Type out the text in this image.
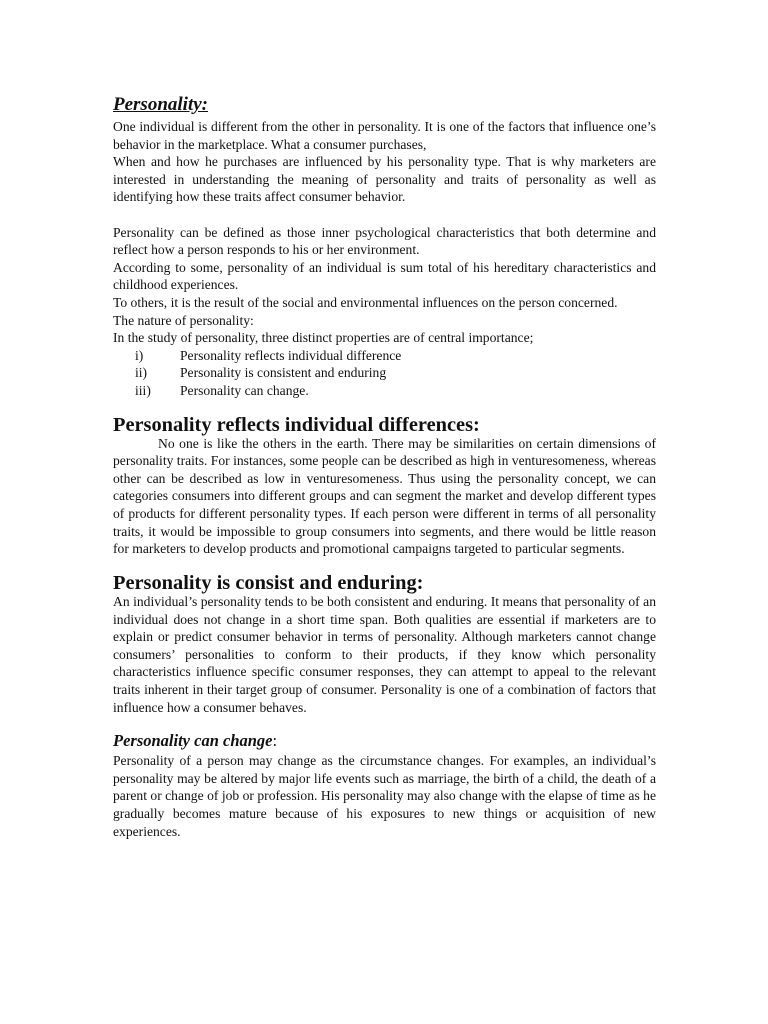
Personality:

One individual is different from the other in personality. It is one of the factors that influence one’s behavior in the marketplace. What a consumer purchases,

When and how he purchases are influenced by his personality type. That is why marketers are interested in understanding the meaning of personality and traits of personality as well as identifying how these traits affect consumer behavior.

Personality can be defined as those inner psychological characteristics that both determine and reflect how a person responds to his or her environment.

According to some, personality of an individual is sum total of his hereditary characteristics and childhood experiences.

To others, it is the result of the social and environmental influences on the person concerned.

The nature of personality:

In the study of personality, three distinct properties are of central importance;

i)	Personality reflects individual difference
ii)	Personality is consistent and enduring
iii)	Personality can change.
Personality reflects individual differences:

No one is like the others in the earth. There may be similarities on certain dimensions of personality traits. For instances, some people can be described as high in venturesomeness, whereas other can be described as low in venturesomeness. Thus using the personality concept, we can categories consumers into different groups and can segment the market and develop different types of products for different personality types. If each person were different in terms of all personality traits, it would be impossible to group consumers into segments, and there would be little reason for marketers to develop products and promotional campaigns targeted to particular segments.

Personality is consist and enduring:

An individual’s personality tends to be both consistent and enduring. It means that personality of an individual does not change in a short time span. Both qualities are essential if marketers are to explain or predict consumer behavior in terms of personality. Although marketers cannot change consumers’ personalities to conform to their products, if they know which personality characteristics influence specific consumer responses, they can attempt to appeal to the relevant traits inherent in their target group of consumer. Personality is one of a combination of factors that influence how a consumer behaves.

Personality can change:

Personality of a person may change as the circumstance changes. For examples, an individual’s personality may be altered by major life events such as marriage, the birth of a child, the death of a parent or change of job or profession. His personality may also change with the elapse of time as he gradually becomes mature because of his exposures to new things or acquisition of new experiences.
